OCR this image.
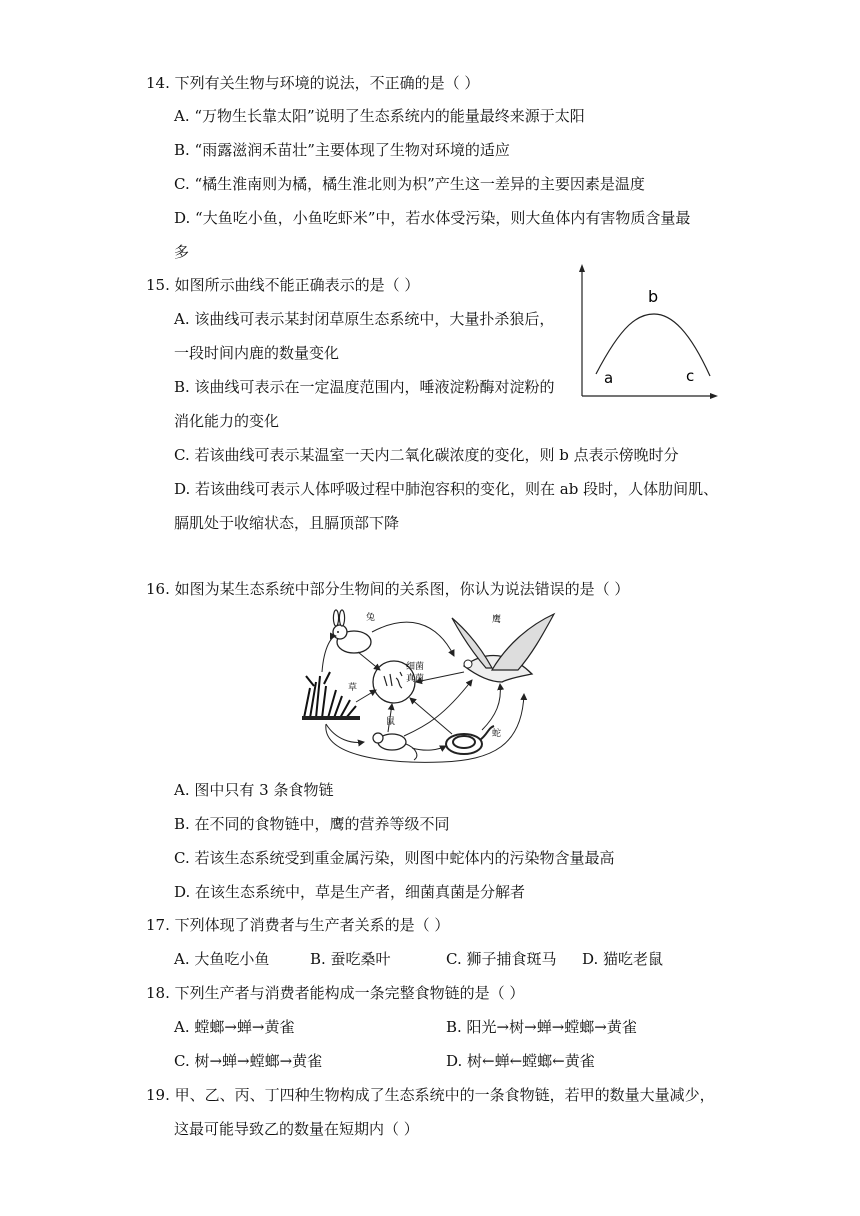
14. 下列有关生物与环境的说法，不正确的是（ ）
A. “万物生长靠太阳”说明了生态系统内的能量最终来源于太阳
B. “雨露滋润禾苗壮”主要体现了生物对环境的适应
C. “橘生淮南则为橘，橘生淮北则为枳”产生这一差异的主要因素是温度
D. “大鱼吃小鱼，小鱼吃虾米”中，若水体受污染，则大鱼体内有害物质含量最
多
15. 如图所示曲线不能正确表示的是（ ）
A. 该曲线可表示某封闭草原生态系统中，大量扑杀狼后，
一段时间内鹿的数量变化
B. 该曲线可表示在一定温度范围内，唾液淀粉酶对淀粉的
消化能力的变化
C. 若该曲线可表示某温室一天内二氧化碳浓度的变化，则 b 点表示傍晚时分
D. 若该曲线可表示人体呼吸过程中肺泡容积的变化，则在 ab 段时，人体肋间肌、
膈肌处于收缩状态，且膈顶部下降
b
a	c
16. 如图为某生态系统中部分生物间的关系图，你认为说法错误的是（ ）
兔	鹰
草
细菌
真菌
鼠
蛇
A. 图中只有 3 条食物链
B. 在不同的食物链中，鹰的营养等级不同
C. 若该生态系统受到重金属污染，则图中蛇体内的污染物含量最高
D. 在该生态系统中，草是生产者，细菌真菌是分解者
17. 下列体现了消费者与生产者关系的是（ ）
A. 大鱼吃小鱼	B. 蚕吃桑叶	C. 狮子捕食斑马 D. 猫吃老鼠
18. 下列生产者与消费者能构成一条完整食物链的是（ ）
A. 螳螂→蝉→黄雀	B. 阳光→树→蝉→螳螂→黄雀
C. 树→蝉→螳螂→黄雀	D. 树←蝉←螳螂←黄雀
19. 甲、乙、丙、丁四种生物构成了生态系统中的一条食物链，若甲的数量大量减少，
这最可能导致乙的数量在短期内（ ）
